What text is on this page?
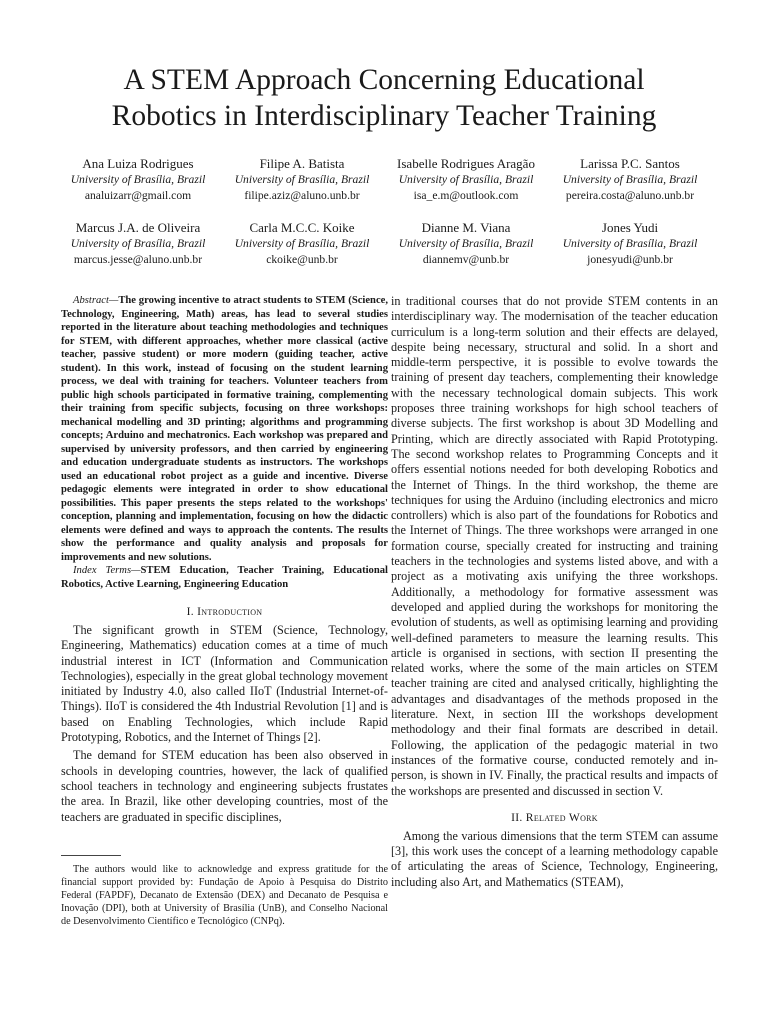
A STEM Approach Concerning Educational
Robotics in Interdisciplinary Teacher Training
Ana Luiza Rodrigues
University of Brasília, Brazil
analuizarr@gmail.com
Filipe A. Batista
University of Brasília, Brazil
filipe.aziz@aluno.unb.br
Isabelle Rodrigues Aragão
University of Brasília, Brazil
isa_e.m@outlook.com
Larissa P.C. Santos
University of Brasília, Brazil
pereira.costa@aluno.unb.br
Marcus J.A. de Oliveira
University of Brasília, Brazil
marcus.jesse@aluno.unb.br
Carla M.C.C. Koike
University of Brasília, Brazil
ckoike@unb.br
Dianne M. Viana
University of Brasília, Brazil
diannemv@unb.br
Jones Yudi
University of Brasília, Brazil
jonesyudi@unb.br

Abstract—The growing incentive to atract students to STEM (Science, Technology, Engineering, Math) areas, has lead to several studies reported in the literature about teaching methodologies and techniques for STEM, with different approaches, whether more classical (active teacher, passive student) or more modern (guiding teacher, active student). In this work, instead of focusing on the student learning process, we deal with training for teachers. Volunteer teachers from public high schools participated in formative training, complementing their training from specific subjects, focusing on three workshops: mechanical modelling and 3D printing; algorithms and programming concepts; Arduino and mechatronics. Each workshop was prepared and supervised by university professors, and then carried by engineering and education undergraduate students as instructors. The workshops used an educational robot project as a guide and incentive. Diverse pedagogic elements were integrated in order to show educational possibilities. This paper presents the steps related to the workshops' conception, planning and implementation, focusing on how the didactic elements were defined and ways to approach the contents. The results show the performance and quality analysis and proposals for improvements and new solutions.

Index Terms—STEM Education, Teacher Training, Educational Robotics, Active Learning, Engineering Education

I. Introduction

The significant growth in STEM (Science, Technology, Engineering, Mathematics) education comes at a time of much industrial interest in ICT (Information and Communication Technologies), especially in the great global technology movement initiated by Industry 4.0, also called IIoT (Industrial Internet-of-Things). IIoT is considered the 4th Industrial Revolution [1] and is based on Enabling Technologies, which include Rapid Prototyping, Robotics, and the Internet of Things [2].

The demand for STEM education has been also observed in schools in developing countries, however, the lack of qualified school teachers in technology and engineering subjects frustates the area. In Brazil, like other developing countries, most of the teachers are graduated in specific disciplines,

The authors would like to acknowledge and express gratitude for the financial support provided by: Fundação de Apoio à Pesquisa do Distrito Federal (FAPDF), Decanato de Extensão (DEX) and Decanato de Pesquisa e Inovação (DPI), both at University of Brasília (UnB), and Conselho Nacional de Desenvolvimento Científico e Tecnológico (CNPq).

in traditional courses that do not provide STEM contents in an interdisciplinary way. The modernisation of the teacher education curriculum is a long-term solution and their effects are delayed, despite being necessary, structural and solid. In a short and middle-term perspective, it is possible to evolve towards the training of present day teachers, complementing their knowledge with the necessary technological domain subjects. This work proposes three training workshops for high school teachers of diverse subjects. The first workshop is about 3D Modelling and Printing, which are directly associated with Rapid Prototyping. The second workshop relates to Programming Concepts and it offers essential notions needed for both developing Robotics and the Internet of Things. In the third workshop, the theme are techniques for using the Arduino (including electronics and micro controllers) which is also part of the foundations for Robotics and the Internet of Things. The three workshops were arranged in one formation course, specially created for instructing and training teachers in the technologies and systems listed above, and with a project as a motivating axis unifying the three workshops. Additionally, a methodology for formative assessment was developed and applied during the workshops for monitoring the evolution of students, as well as optimising learning and providing well-defined parameters to measure the learning results. This article is organised in sections, with section II presenting the related works, where the some of the main articles on STEM teacher training are cited and analysed critically, highlighting the advantages and disadvantages of the methods proposed in the literature. Next, in section III the workshops development methodology and their final formats are described in detail. Following, the application of the pedagogic material in two instances of the formative course, conducted remotely and in-person, is shown in IV. Finally, the practical results and impacts of the workshops are presented and discussed in section V.

II. Related Work

Among the various dimensions that the term STEM can assume [3], this work uses the concept of a learning methodology capable of articulating the areas of Science, Technology, Engineering, including also Art, and Mathematics (STEAM),
